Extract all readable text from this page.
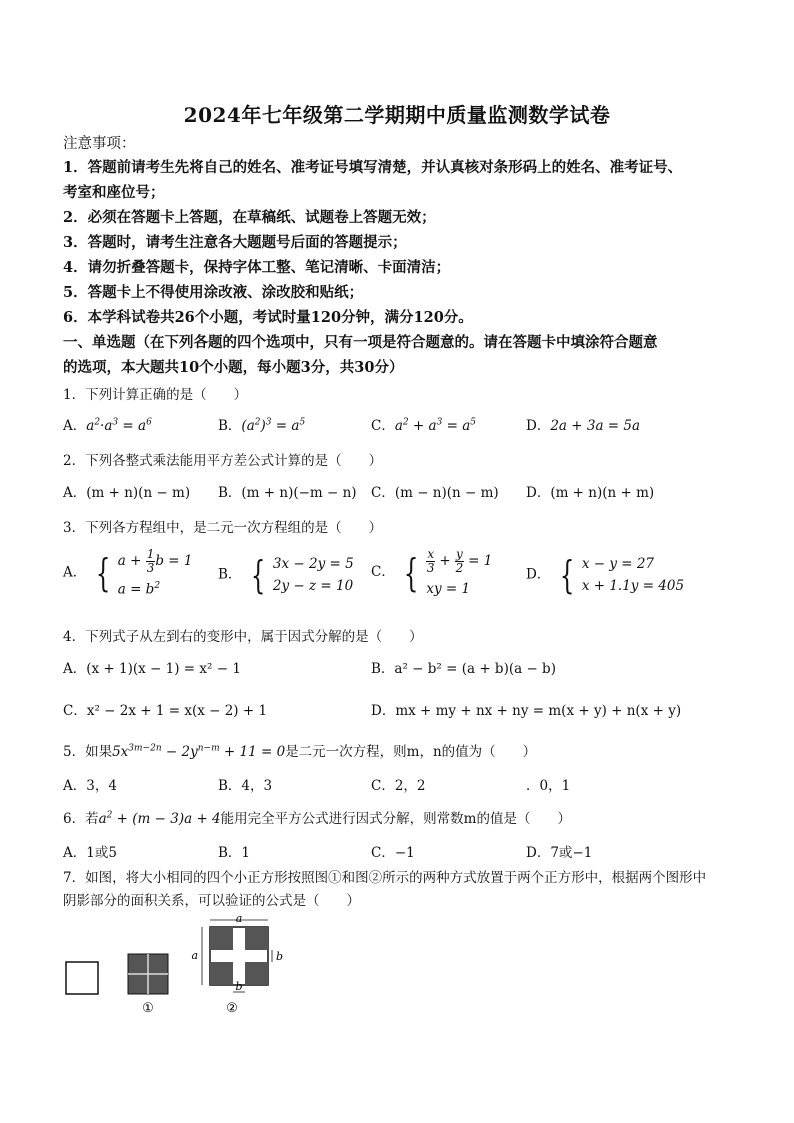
2024年七年级第二学期期中质量监测数学试卷
注意事项：
1．答题前请考生先将自己的姓名、准考证号填写清楚，并认真核对条形码上的姓名、准考证号、
考室和座位号；
2．必须在答题卡上答题，在草稿纸、试题卷上答题无效；
3．答题时，请考生注意各大题题号后面的答题提示；
4．请勿折叠答题卡，保持字体工整、笔记清晰、卡面清洁；
5．答题卡上不得使用涂改液、涂改胶和贴纸；
6．本学科试卷共26个小题，考试时量120分钟，满分120分。
一、单选题（在下列各题的四个选项中，只有一项是符合题意的。请在答题卡中填涂符合题意
的选项，本大题共10个小题，每小题3分，共30分）
1．下列计算正确的是（　　）
A．$a^2\cdot a^3 = a^6$	B．$(a^2)^3 = a^5$	C．$a^2 + a^3 = a^5$	D．2a + 3a = 5a
2．下列各整式乘法能用平方差公式计算的是（　　）
A．(m + n)(n − m) B．(m + n)(−m − n) C．(m − n)(n − m) D．(m + n)(n + m)
3．下列各方程组中，是二元一次方程组的是（　　）
A． { $a + \frac{1}{3}$ b = 1
$a = b^2$
B． { 3x − 2y = 5
2y − z = 10
C． { $\frac{x}{3} + \frac{y}{2} = 1$
xy = 1
D． { x − y = 27
x + 1.1y = 405
4．下列式子从左到右的变形中，属于因式分解的是（　　）
A．(x + 1)(x − 1) = x² − 1	B．a² − b² = (a + b)(a − b)
C．x² − 2x + 1 = x(x − 2) + 1	D．mx + my + nx + ny = m(x + y) + n(x + y)
5．如果$5x^{3m-2n} - 2y^{n-m} + 11 = 0$是二元一次方程，则m，n的值为（　　）
A．3，4	B．4，3	C．2，2	．0，1
6．若$a^2 + (m - 3)a + 4$能用完全平方公式进行因式分解，则常数m的值是（　　）
A．1或5	B．1	C．−1	D．7或−1
7．如图，将大小相同的四个小正方形按照图①和图②所示的两种方式放置于两个正方形中，根据两个图形中
阴影部分的面积关系，可以验证的公式是（　　）
①
a
a	b
b
②
